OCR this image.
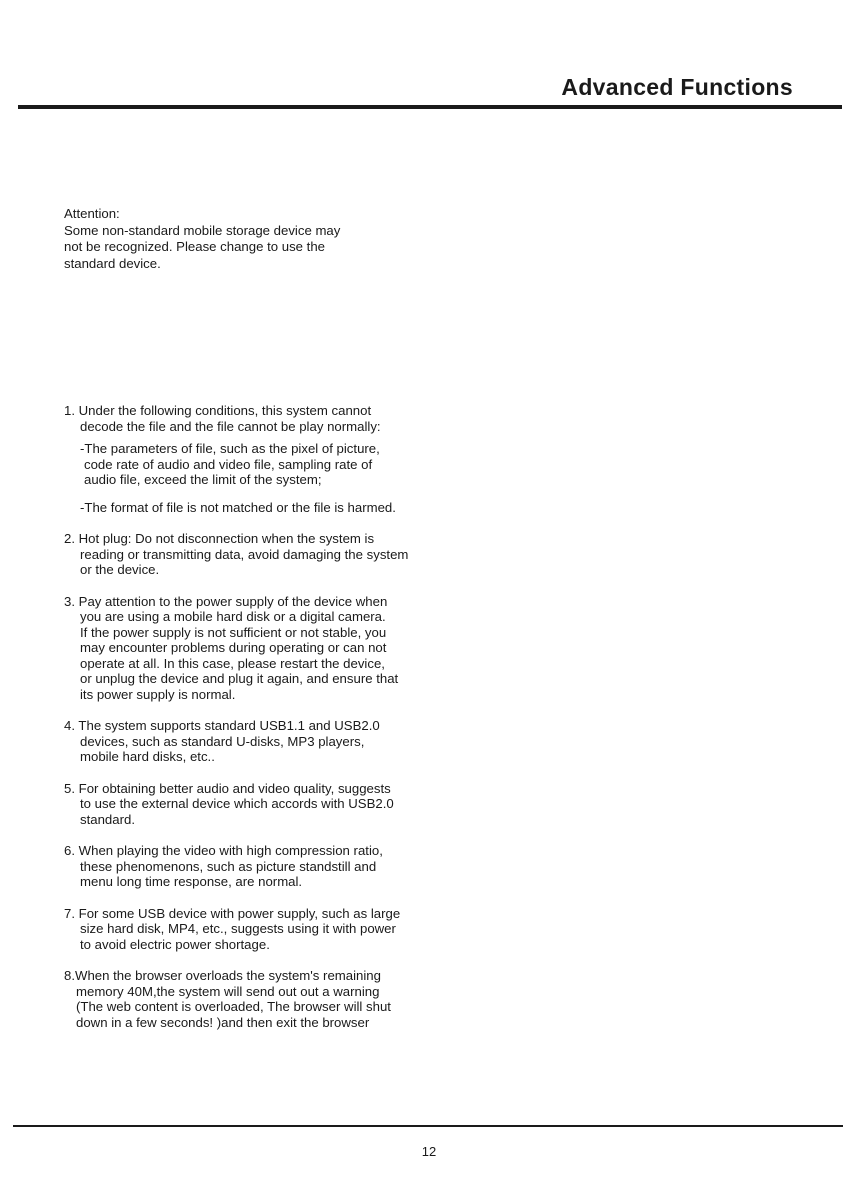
Advanced Functions
Attention:
Some non-standard mobile storage device may
not be recognized. Please change to use the
standard device.
1. Under the following conditions, this system cannot
decode the file and the file cannot be play normally:
-The parameters of file, such as the pixel of picture,
code rate of audio and video file, sampling rate of
audio file, exceed the limit of the system;
-The format of file is not matched or the file is harmed.
2. Hot plug: Do not disconnection when the system is
reading or transmitting data, avoid damaging the system
or the device.
3. Pay attention to the power supply of the device when
you are using a mobile hard disk or a digital camera.
If the power supply is not sufficient or not stable, you
may encounter problems during operating or can not
operate at all. In this case, please restart the device,
or unplug the device and plug it again, and ensure that
its power supply is normal.
4. The system supports standard USB1.1 and USB2.0
devices, such as standard U-disks, MP3 players,
mobile hard disks, etc..
5. For obtaining better audio and video quality, suggests
to use the external device which accords with USB2.0
standard.
6. When playing the video with high compression ratio,
these phenomenons, such as picture standstill and
menu long time response, are normal.
7. For some USB device with power supply, such as large
size hard disk, MP4, etc., suggests using it with power
to avoid electric power shortage.
8.When the browser overloads the system's remaining
memory 40M,the system will send out out a warning
(The web content is overloaded, The browser will shut
down in a few seconds! )and then exit the browser
12
